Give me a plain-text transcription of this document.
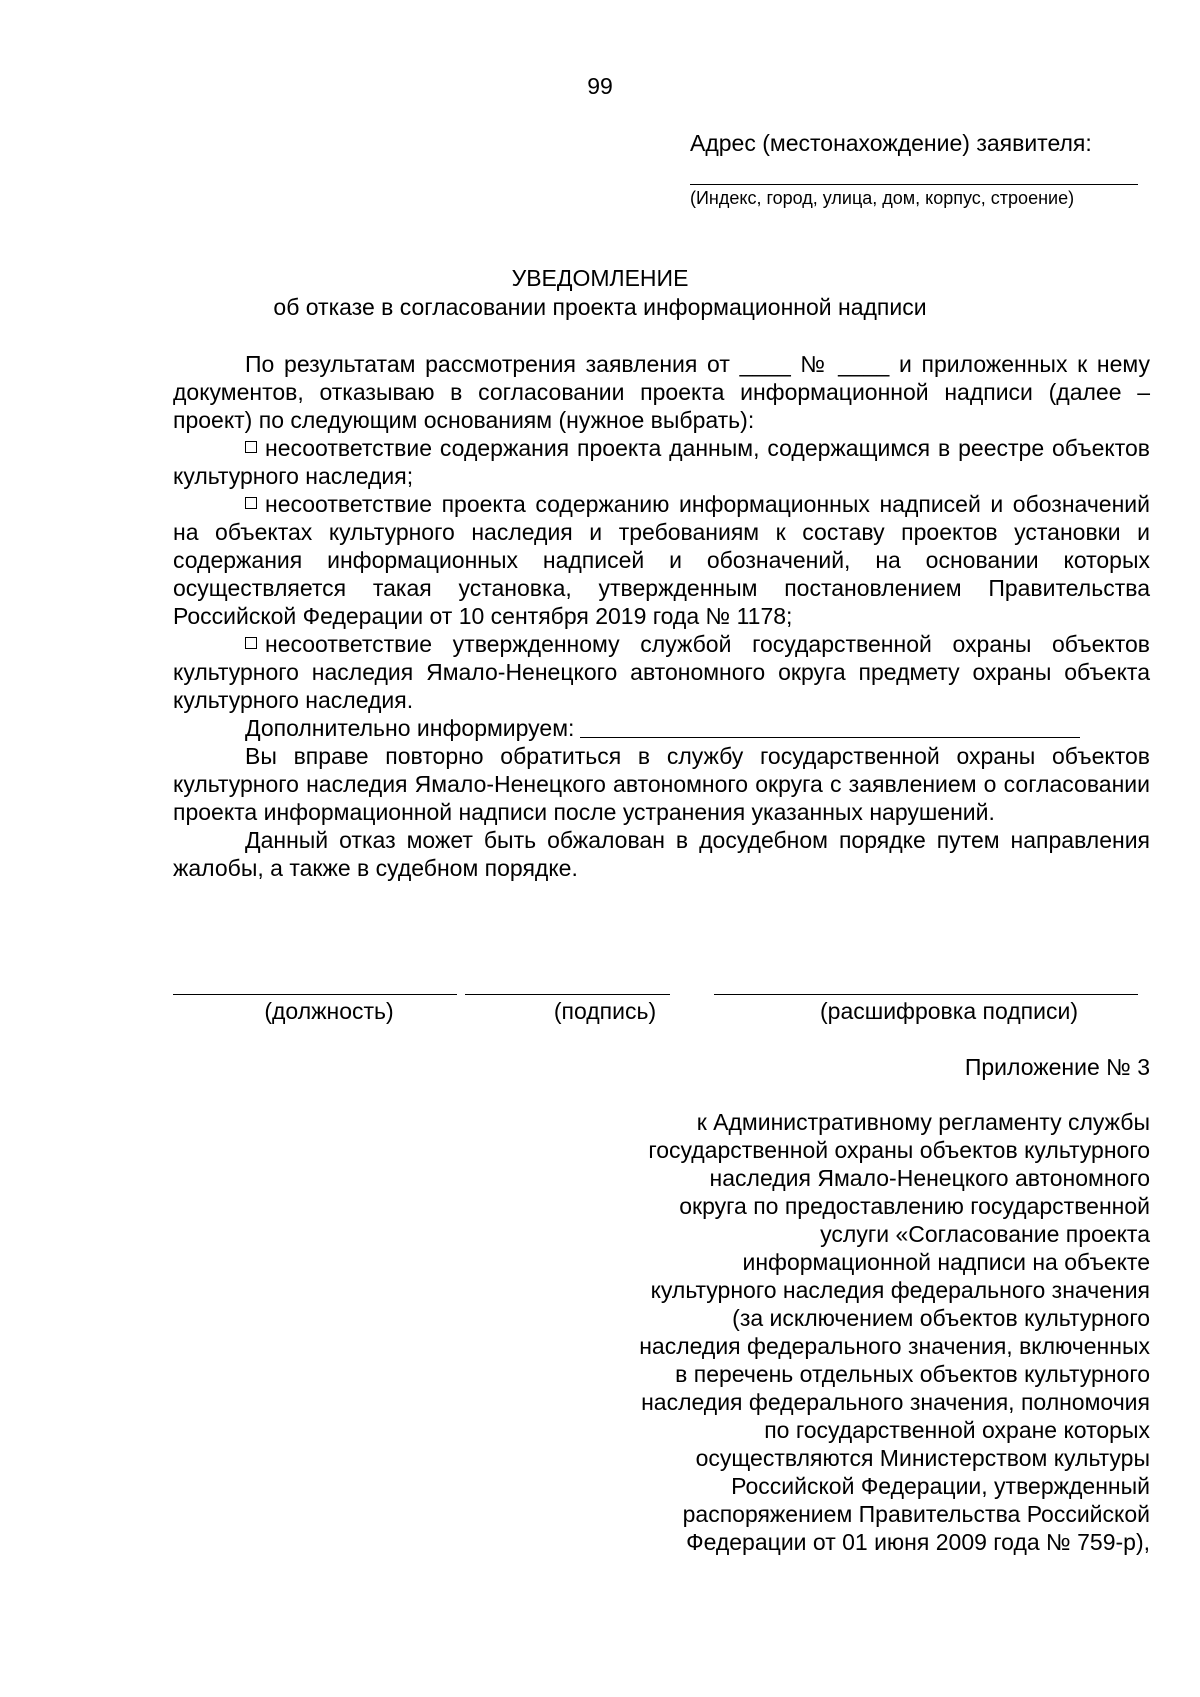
99
Адрес (местонахождение) заявителя:
(Индекс, город, улица, дом, корпус, строение)
УВЕДОМЛЕНИЕ
об отказе в согласовании проекта информационной надписи

По результатам рассмотрения заявления от ____ № ____ и приложенных к нему документов, отказываю в согласовании проекта информационной надписи (далее – проект) по следующим основаниям (нужное выбрать):

несоответствие содержания проекта данным, содержащимся в реестре объектов культурного наследия;

несоответствие проекта содержанию информационных надписей и обозначений на объектах культурного наследия и требованиям к составу проектов установки и содержания информационных надписей и обозначений, на основании которых осуществляется такая установка, утвержденным постановлением Правительства Российской Федерации от 10 сентября 2019 года № 1178;

несоответствие утвержденному службой государственной охраны объектов культурного наследия Ямало-Ненецкого автономного округа предмету охраны объекта культурного наследия.

Дополнительно информируем:

Вы вправе повторно обратиться в службу государственной охраны объектов культурного наследия Ямало-Ненецкого автономного округа с заявлением о согласовании проекта информационной надписи после устранения указанных нарушений.

Данный отказ может быть обжалован в досудебном порядке путем направления жалобы, а также в судебном порядке.

(должность)	(подпись)	(расшифровка подписи)
Приложение № 3
к Административному регламенту службы
государственной охраны объектов культурного
наследия Ямало-Ненецкого автономного
округа по предоставлению государственной
услуги «Согласование проекта
информационной надписи на объекте
культурного наследия федерального значения
(за исключением объектов культурного
наследия федерального значения, включенных
в перечень отдельных объектов культурного
наследия федерального значения, полномочия
по государственной охране которых
осуществляются Министерством культуры
Российской Федерации, утвержденный
распоряжением Правительства Российской
Федерации от 01 июня 2009 года № 759-р),
